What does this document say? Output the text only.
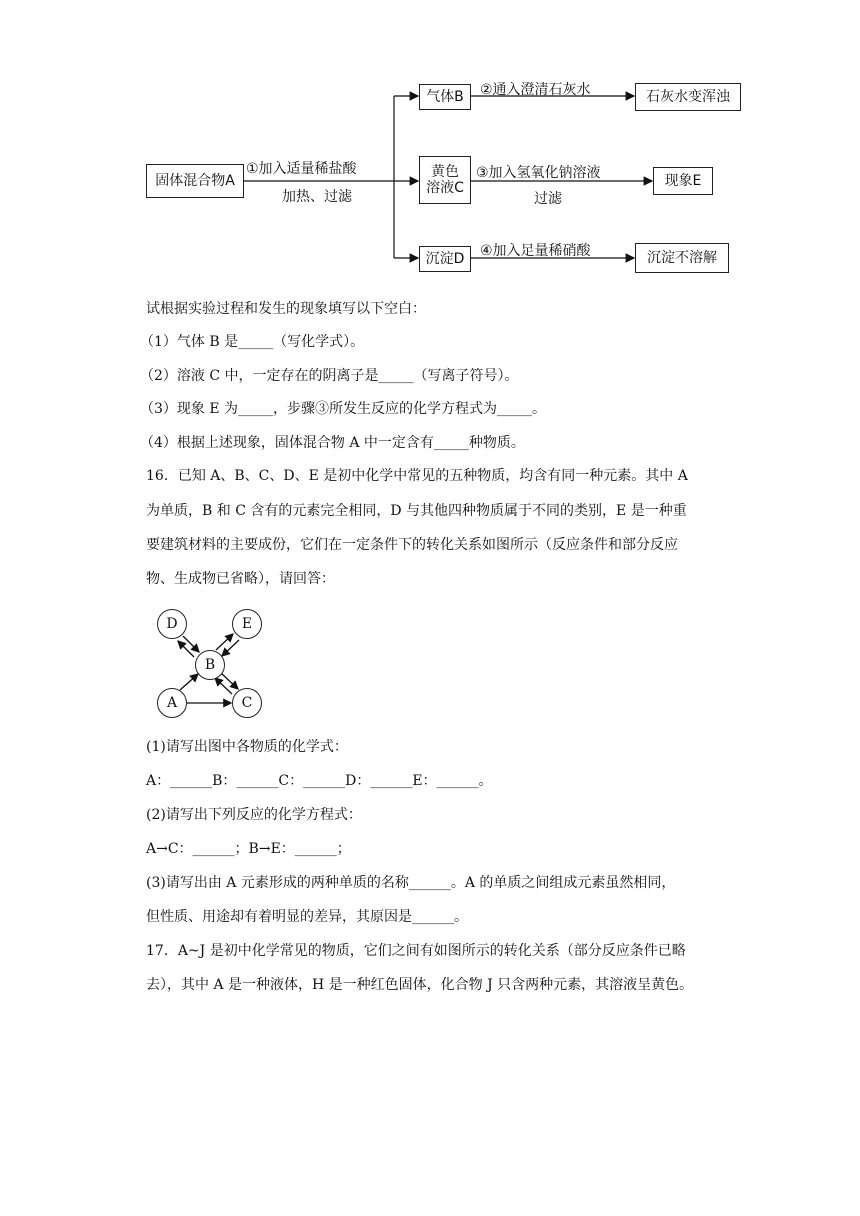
固体混合物A
①加入适量稀盐酸
加热、过滤
气体B ②通入澄清石灰水	石灰水变浑浊
黄色
溶液C
③加入氢氧化钠溶液
过滤
现象E
沉淀D ④加入足量稀硝酸	沉淀不溶解
试根据实验过程和发生的现象填写以下空白：
（1）气体 B 是_____（写化学式）。
（2）溶液 C 中，一定存在的阴离子是_____（写离子符号）。
（3）现象 E 为_____，步骤③所发生反应的化学方程式为_____。
（4）根据上述现象，固体混合物 A 中一定含有_____种物质。
16．已知 A、B、C、D、E 是初中化学中常见的五种物质，均含有同一种元素。其中 A
为单质，B 和 C 含有的元素完全相同，D 与其他四种物质属于不同的类别，E 是一种重
要建筑材料的主要成份，它们在一定条件下的转化关系如图所示（反应条件和部分反应
物、生成物已省略），请回答：
D	E
B
A	C
(1)请写出图中各物质的化学式：
A：______B：______C：______D：______E：______。
(2)请写出下列反应的化学方程式：
A→C：______；B→E：______；
(3)请写出由 A 元素形成的两种单质的名称______。A 的单质之间组成元素虽然相同，
但性质、用途却有着明显的差异，其原因是______。
17．A~J 是初中化学常见的物质，它们之间有如图所示的转化关系（部分反应条件已略
去），其中 A 是一种液体，H 是一种红色固体，化合物 J 只含两种元素，其溶液呈黄色。
